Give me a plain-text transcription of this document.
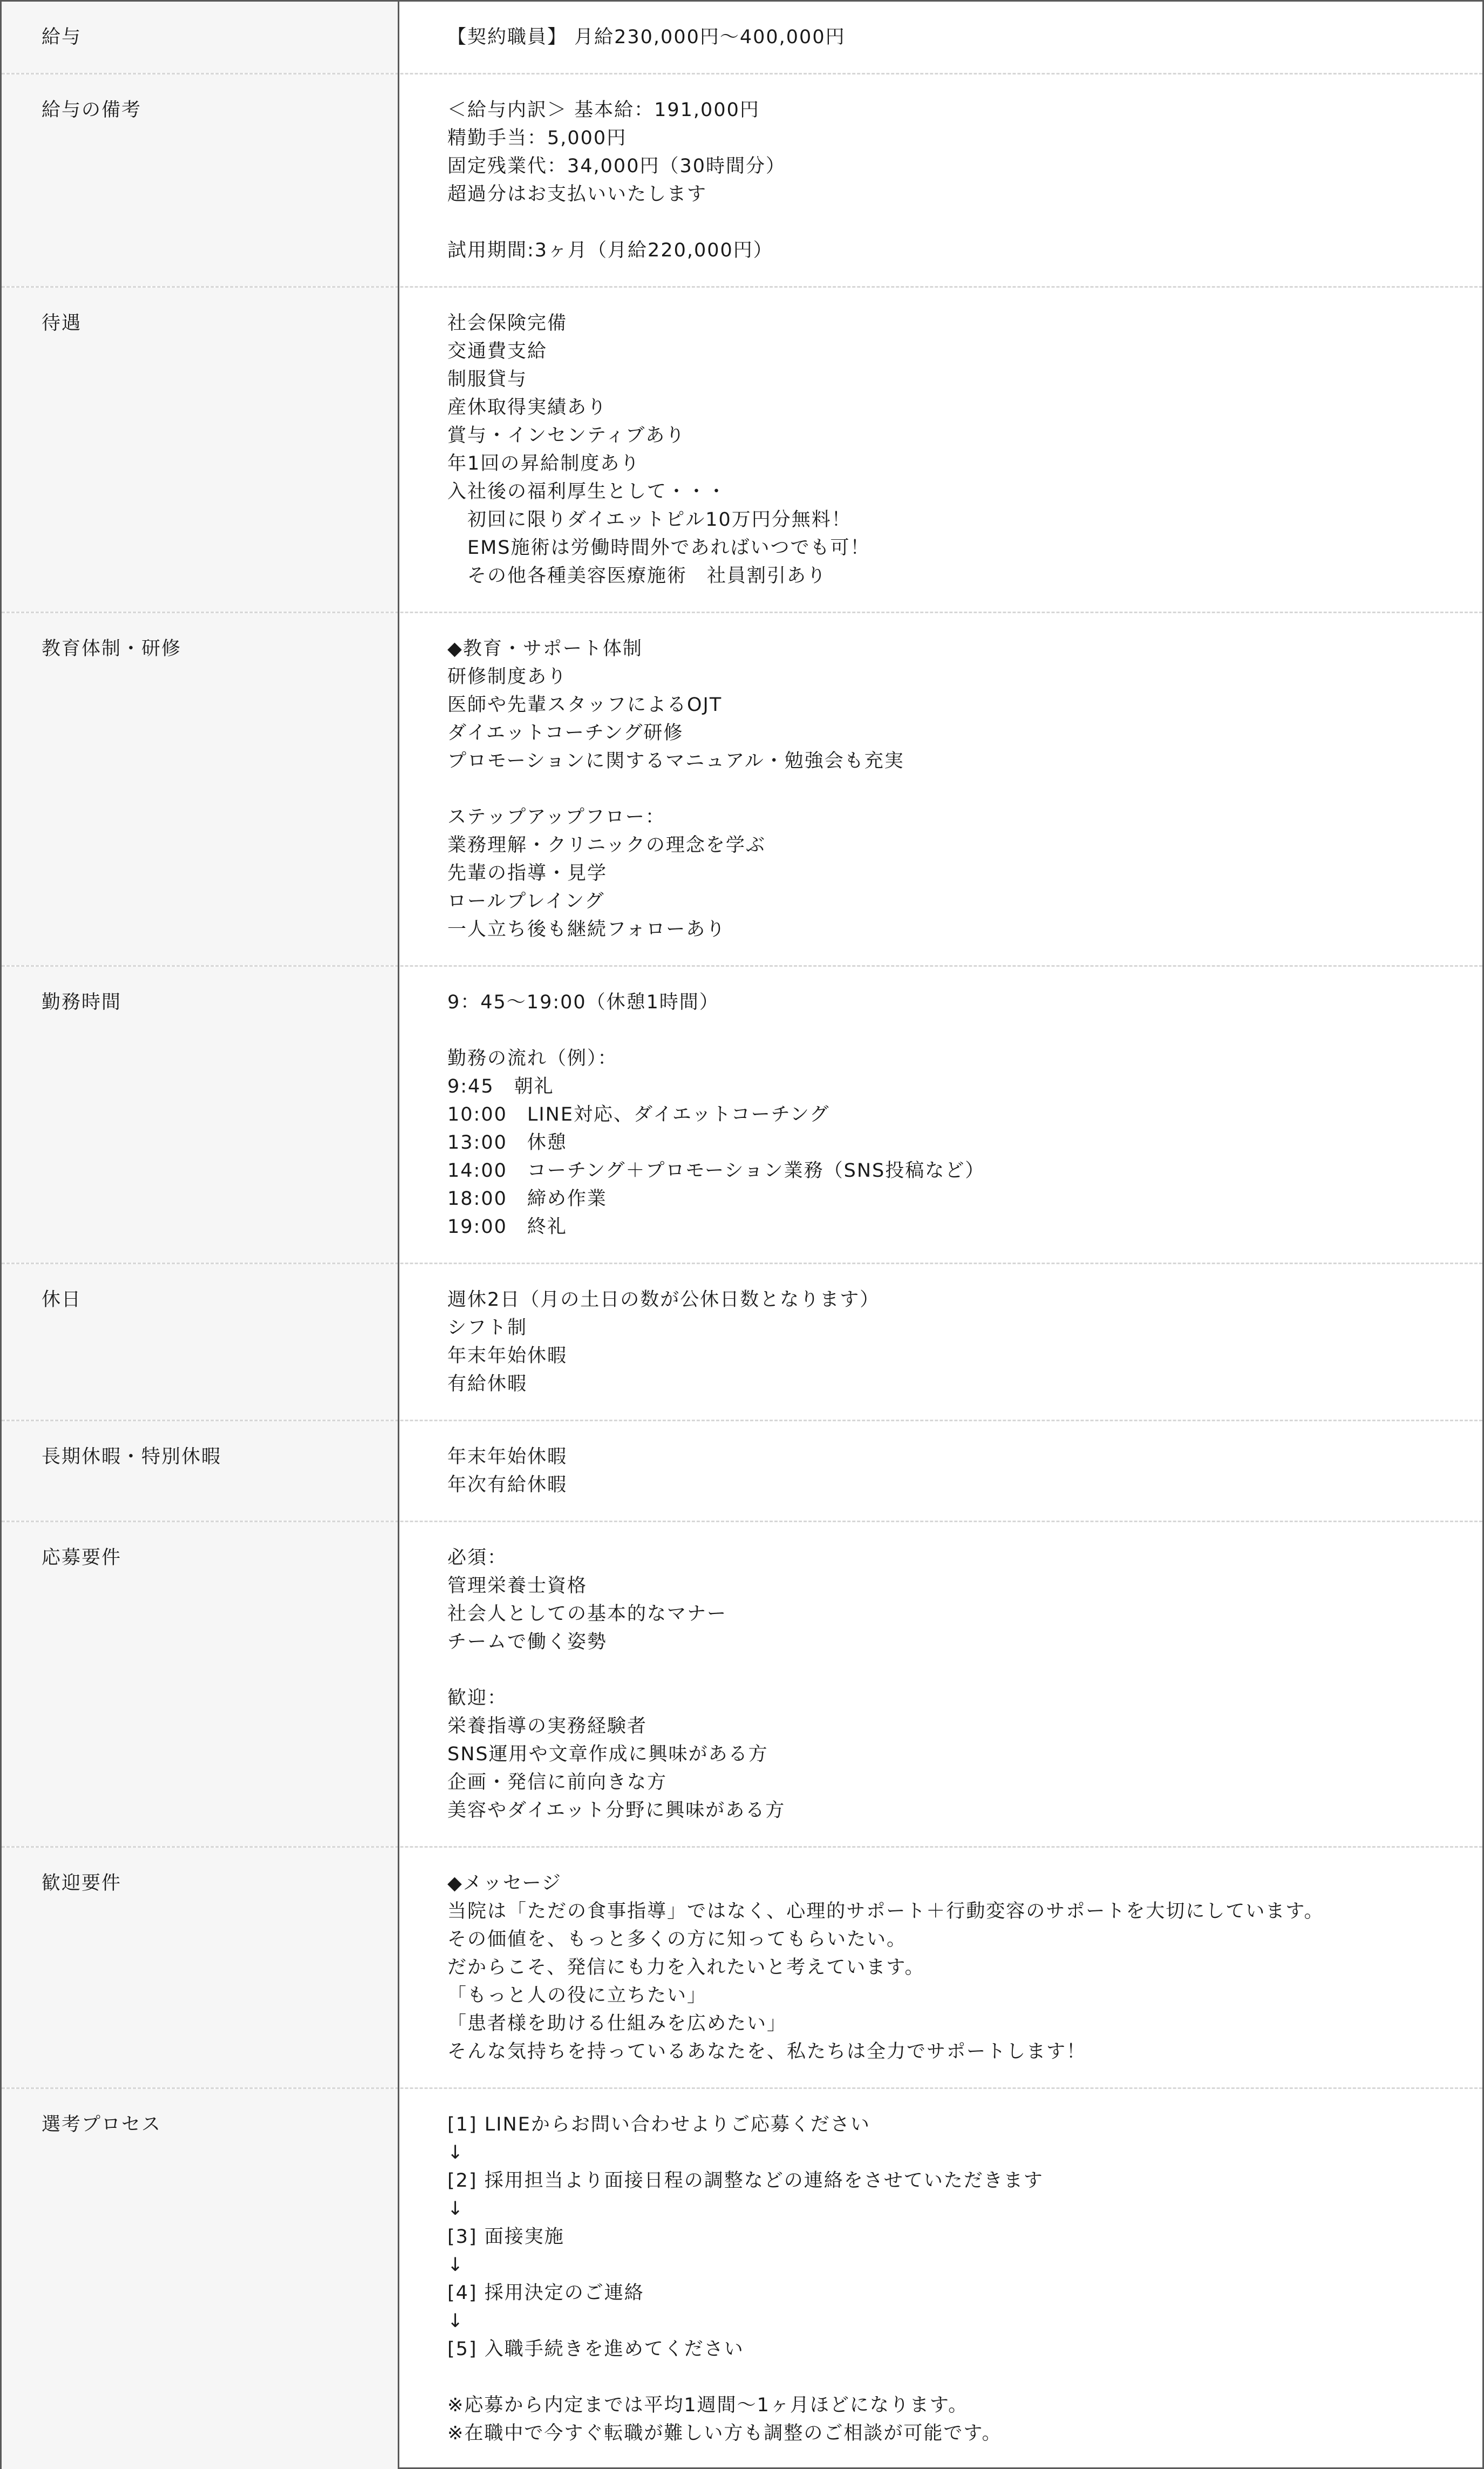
給与	【契約職員】 月給230,000円～400,000円
給与の備考	＜給与内訳＞ 基本給：191,000円
精勤手当：5,000円
固定残業代：34,000円（30時間分）
超過分はお支払いいたします

試用期間:3ヶ月（月給220,000円）
待遇	社会保険完備
交通費支給
制服貸与
産休取得実績あり
賞与・インセンティブあり
年1回の昇給制度あり
入社後の福利厚生として・・・
　初回に限りダイエットピル10万円分無料！
　EMS施術は労働時間外であればいつでも可！
　その他各種美容医療施術　社員割引あり
教育体制・研修	◆教育・サポート体制
研修制度あり
医師や先輩スタッフによるOJT
ダイエットコーチング研修
プロモーションに関するマニュアル・勉強会も充実

ステップアップフロー：
業務理解・クリニックの理念を学ぶ
先輩の指導・見学
ロールプレイング
一人立ち後も継続フォローあり
勤務時間	9：45～19:00（休憩1時間）

勤務の流れ（例）：
9:45　朝礼
10:00　LINE対応、ダイエットコーチング
13:00　休憩
14:00　コーチング＋プロモーション業務（SNS投稿など）
18:00　締め作業
19:00　終礼
休日	週休2日（月の土日の数が公休日数となります）
シフト制
年末年始休暇
有給休暇
長期休暇・特別休暇	年末年始休暇
年次有給休暇
応募要件	必須：
管理栄養士資格
社会人としての基本的なマナー
チームで働く姿勢

歓迎：
栄養指導の実務経験者
SNS運用や文章作成に興味がある方
企画・発信に前向きな方
美容やダイエット分野に興味がある方
歓迎要件	◆メッセージ
当院は「ただの食事指導」ではなく、心理的サポート＋行動変容のサポートを大切にしています。
その価値を、もっと多くの方に知ってもらいたい。
だからこそ、発信にも力を入れたいと考えています。
「もっと人の役に立ちたい」
「患者様を助ける仕組みを広めたい」
そんな気持ちを持っているあなたを、私たちは全力でサポートします！
選考プロセス	[1] LINEからお問い合わせよりご応募ください
↓
[2] 採用担当より面接日程の調整などの連絡をさせていただきます
↓
[3] 面接実施
↓
[4] 採用決定のご連絡
↓
[5] 入職手続きを進めてください

※応募から内定までは平均1週間～1ヶ月ほどになります。
※在職中で今すぐ転職が難しい方も調整のご相談が可能です。
